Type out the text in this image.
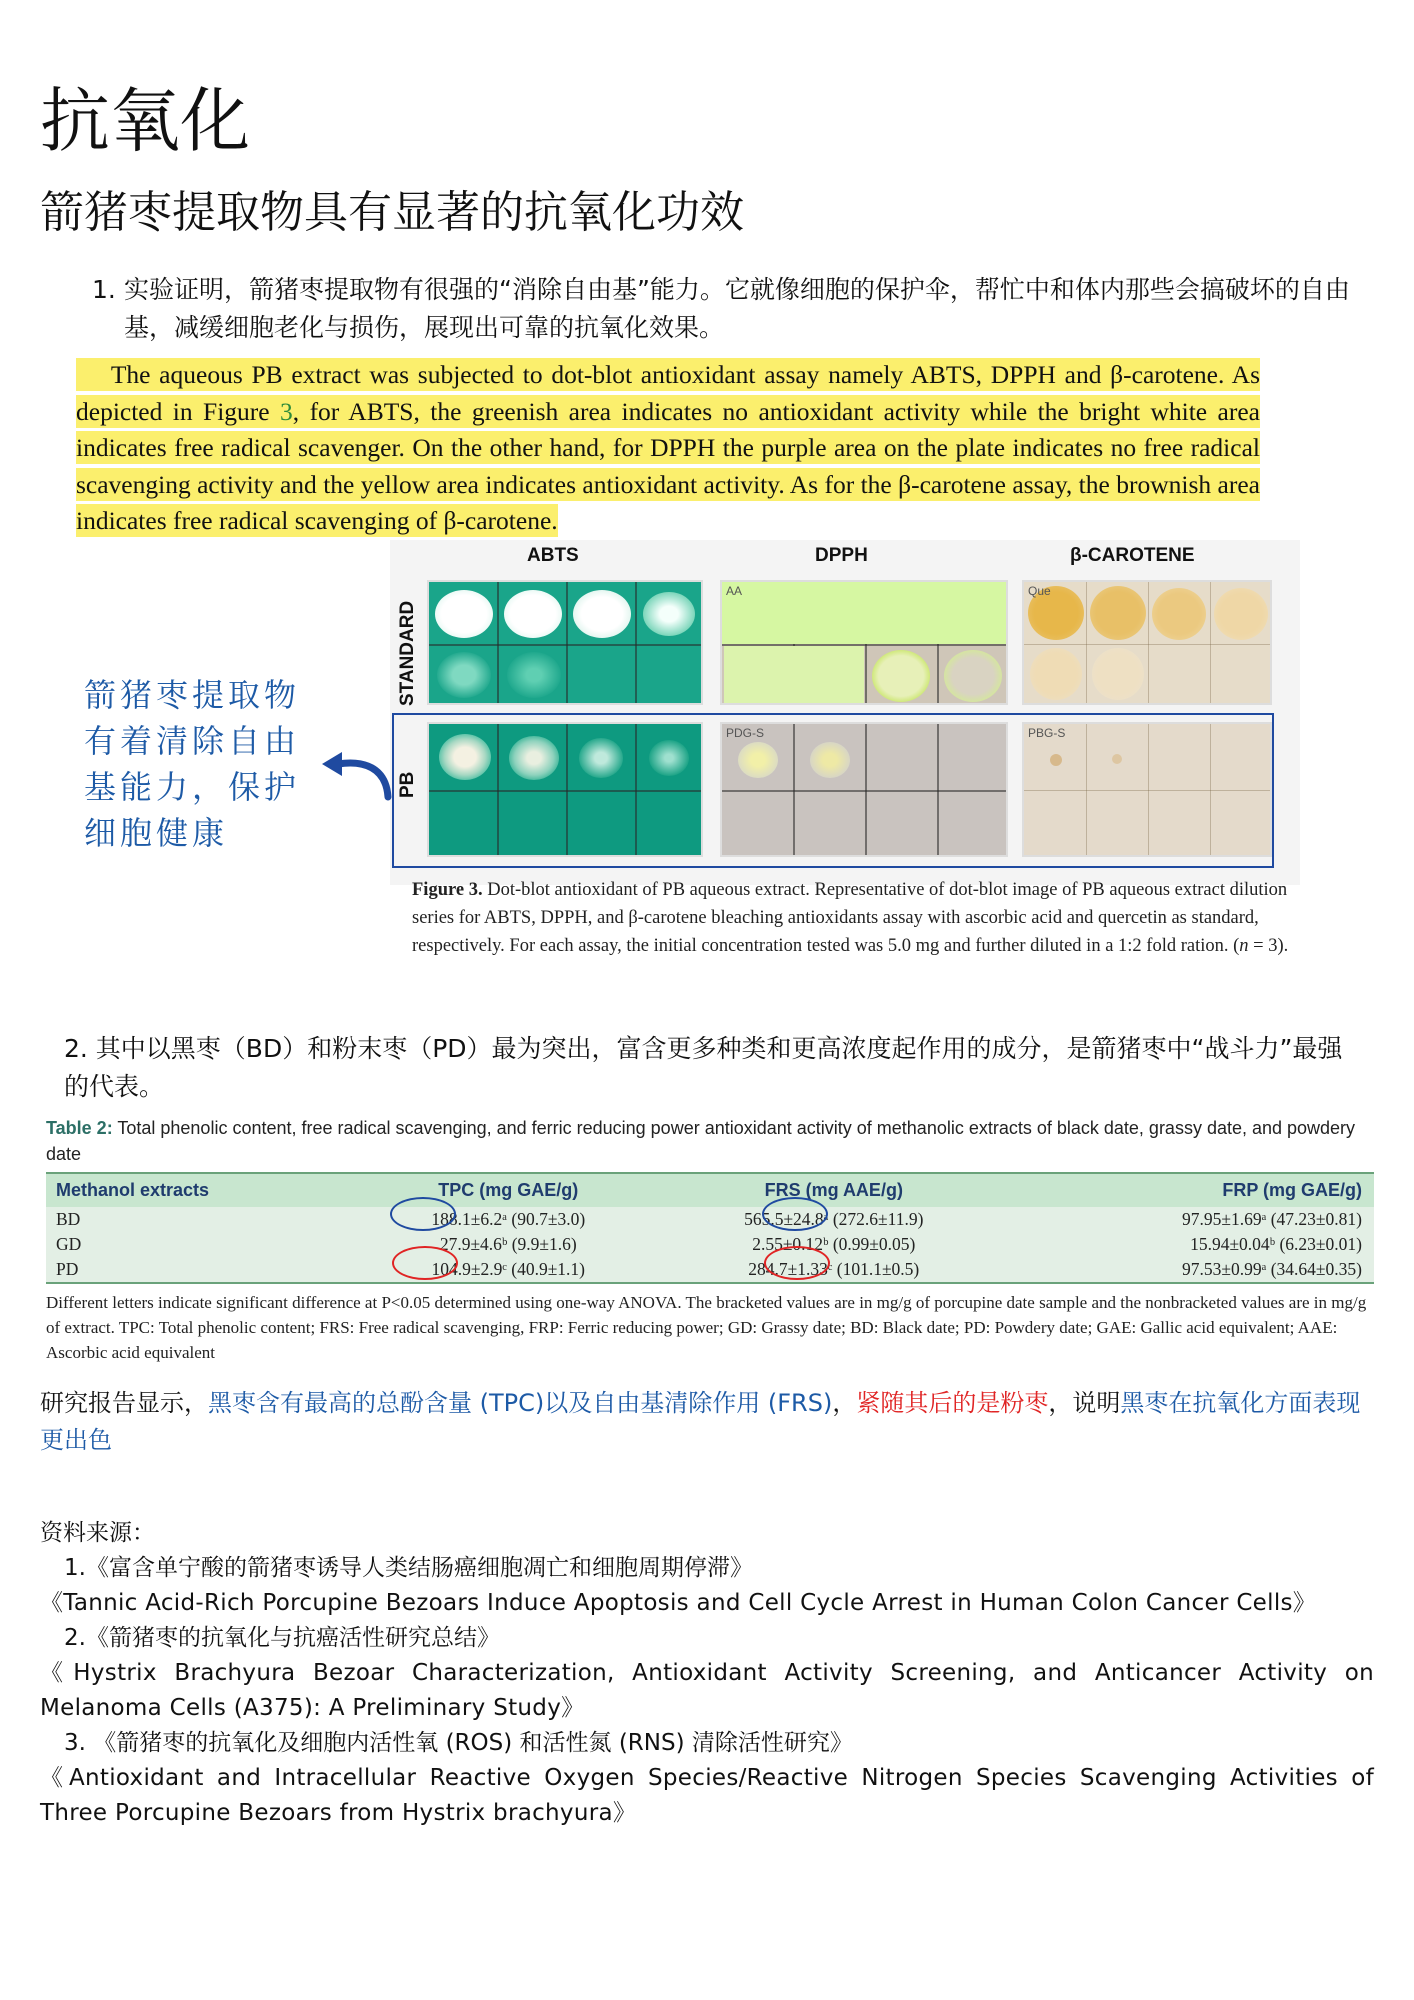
抗氧化
箭猪枣提取物具有显著的抗氧化功效
1. 实验证明，箭猪枣提取物有很强的“消除自由基”能力。它就像细胞的保护伞，帮忙中和体内那些会搞破坏的自由基，减缓细胞老化与损伤，展现出可靠的抗氧化效果。
The aqueous PB extract was subjected to dot-blot antioxidant assay namely ABTS, DPPH and β-carotene. As depicted in Figure 3, for ABTS, the greenish area indicates no antioxidant activity while the bright white area indicates free radical scavenger. On the other hand, for DPPH the purple area on the plate indicates no free radical scavenging activity and the yellow area indicates antioxidant activity. As for the β-carotene assay, the brownish area indicates free radical scavenging of β-carotene.
ABTS	DPPH	β-CAROTENE
STANDARD
PB
AA
PDG-S
Que
PBG-S
箭猪枣提取物有着清除自由基能力，保护细胞健康
Figure 3. Dot-blot antioxidant of PB aqueous extract. Representative of dot-blot image of PB aqueous extract dilution series for ABTS, DPPH, and β-carotene bleaching antioxidants assay with ascorbic acid and quercetin as standard, respectively. For each assay, the initial concentration tested was 5.0 mg and further diluted in a 1:2 fold ration. (n = 3).
2. 其中以黑枣（BD）和粉末枣（PD）最为突出，富含更多种类和更高浓度起作用的成分，是箭猪枣中“战斗力”最强的代表。
Table 2: Total phenolic content, free radical scavenging, and ferric reducing power antioxidant activity of methanolic extracts of black date, grassy date, and powdery date
Methanol extracts	TPC (mg GAE/g)	FRS (mg AAE/g)	FRP (mg GAE/g)
BD	188.1±6.2ᵃ (90.7±3.0)	565.5±24.8ᵃ (272.6±11.9)	97.95±1.69ᵃ (47.23±0.81)
GD	27.9±4.6ᵇ (9.9±1.6)	2.55±0.12ᵇ (0.99±0.05)	15.94±0.04ᵇ (6.23±0.01)
PD	104.9±2.9ᶜ (40.9±1.1)	284.7±1.33ᶜ (101.1±0.5)	97.53±0.99ᵃ (34.64±0.35)
Different letters indicate significant difference at P<0.05 determined using one-way ANOVA. The bracketed values are in mg/g of porcupine date sample and the nonbracketed values are in mg/g of extract. TPC: Total phenolic content; FRS: Free radical scavenging, FRP: Ferric reducing power; GD: Grassy date; BD: Black date; PD: Powdery date; GAE: Gallic acid equivalent; AAE: Ascorbic acid equivalent
研究报告显示，黑枣含有最高的总酚含量 (TPC)以及自由基清除作用 (FRS)，紧随其后的是粉枣，说明黑枣在抗氧化方面表现更出色
资料来源：
1.《富含单宁酸的箭猪枣诱导人类结肠癌细胞凋亡和细胞周期停滞》
《Tannic Acid-Rich Porcupine Bezoars Induce Apoptosis and Cell Cycle Arrest in Human Colon Cancer Cells》
2.《箭猪枣的抗氧化与抗癌活性研究总结》
《Hystrix Brachyura Bezoar Characterization, Antioxidant Activity Screening, and Anticancer Activity on Melanoma Cells (A375): A Preliminary Study》
3. 《箭猪枣的抗氧化及细胞内活性氧 (ROS) 和活性氮 (RNS) 清除活性研究》
《Antioxidant and Intracellular Reactive Oxygen Species/Reactive Nitrogen Species Scavenging Activities of Three Porcupine Bezoars from Hystrix brachyura》
